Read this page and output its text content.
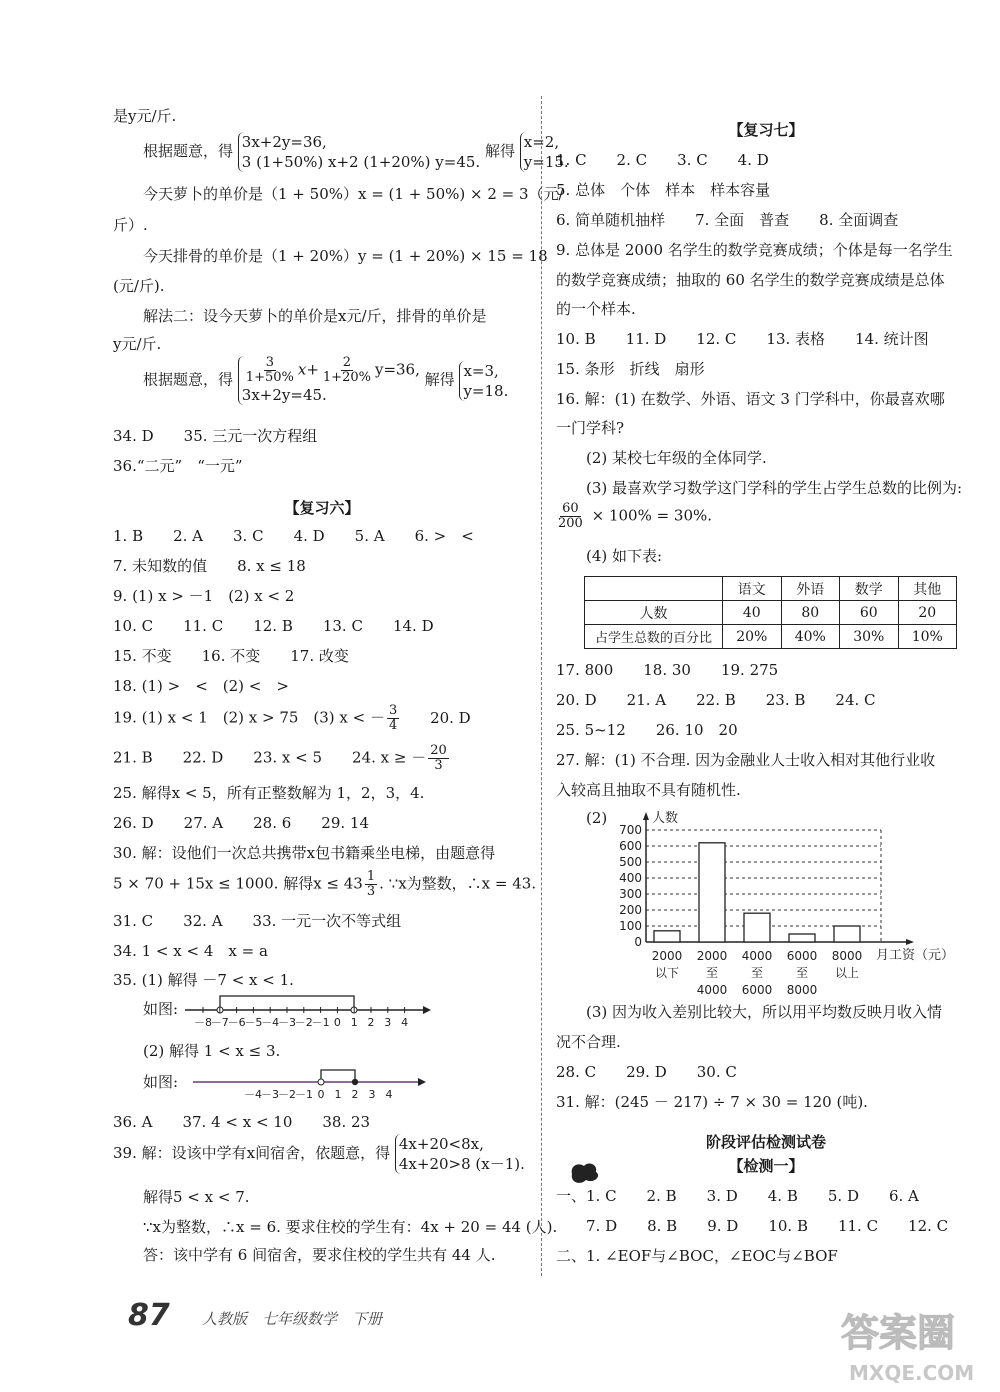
是y元/斤.
根据题意，得 3x+2y=36,
3 (1+50%) x+2 (1+20%) y=45.
解得 x=2,
y=15.
今天萝卜的单价是（1 + 50%）x = (1 + 50%) × 2 = 3（元/
斤）.
今天排骨的单价是（1 + 20%）y = (1 + 20%) × 15 = 18
(元/斤).
解法二：设今天萝卜的单价是x元/斤，排骨的单价是
y元/斤.
根据题意，得 $\frac{3}{1+50\%} x+ \frac{2}{1+20\%} y=36$,
3x+2y=45.
解得 x=3,
y=18.
34. D　　35. 三元一次方程组
36.“二元”　“一元”
【复习六】
1. B　　2. A　　3. C　　4. D　　5. A　　6. >　<
7. 未知数的值　　8. x ≤ 18
9. (1) x > －1　(2) x < 2
10. C　　11. C　　12. B　　13. C　　14. D
15. 不变　　16. 不变　　17. 改变
18. (1) >　<　(2) <　>
19. (1) x < 1　(2) x > 75　(3) x < － $\frac{3}{4} 20$. D
21. B　　22. D　　23. x < 5　　24. x ≥ － $\frac{20}{3}$
25. 解得x < 5，所有正整数解为 1，2，3，4.
26. D　　27. A　　28. 6　　29. 14
30. 解：设他们一次总共携带x包书籍乘坐电梯，由题意得
5 × 70 + 15x ≤ 1000. 解得$x \le 43 \frac{1}{3}$ . ∵x为整数，∴x = 43.
31. C　　32. A　　33. 一元一次不等式组
34. 1 < x < 4　x = a
35. (1) 解得 －7 < x < 1.
如图:
－8
－7
－6
－5
－4
－3
－2
－1 0 1 2 3 4
(2) 解得 1 < x ≤ 3.
如图:
－4 －3 －2 －1 0 1 2 3 4
36. A　　37. 4 < x < 10　　38. 23
39. 解：设该中学有x间宿舍，依题意，得 4x+20<8x,
4x+20>8 (x－1).
解得5 < x < 7.
∵x为整数，∴x = 6. 要求住校的学生有：4x + 20 = 44 (人).
答：该中学有 6 间宿舍，要求住校的学生共有 44 人.
【复习七】
1. C　　2. C　　3. C　　4. D
5. 总体　个体　样本　样本容量
6. 简单随机抽样　　7. 全面　普查　　8. 全面调查
9. 总体是 2000 名学生的数学竞赛成绩；个体是每一名学生
的数学竞赛成绩；抽取的 60 名学生的数学竞赛成绩是总体
的一个样本.
10. B　　11. D　　12. C　　13. 表格　　14. 统计图
15. 条形　折线　扇形
16. 解：(1) 在数学、外语、语文 3 门学科中，你最喜欢哪
一门学科?
(2) 某校七年级的全体同学.
(3) 最喜欢学习数学这门学科的学生占学生总数的比例为:
$\frac{60}{200} \times 100\% = 30\%$.
(4) 如下表:
	语文	外语	数学	其他
人数	40	80	60	20
占学生总数的百分比	20%	40%	30%	10%
17. 800　　18. 30　　19. 275
20. D　　21. A　　22. B　　23. B　　24. C
25. 5~12　　26. 10　20
27. 解：(1) 不合理. 因为金融业人士收入相对其他行业收
入较高且抽取不具有随机性.
(2)	人数
0
100
200
300
400
500
600
700
月工资（元）
2000
以下
2000
至
4000
4000
至
6000
6000
至
8000
8000
以上
(3) 因为收入差别比较大，所以用平均数反映月收入情
况不合理.
28. C　　29. D　　30. C
31. 解：(245 － 217) ÷ 7 × 30 = 120 (吨).
阶段评估检测试卷
【检测一】
一、1. C　　2. B　　3. D　　4. B　　5. D　　6. A
7. D　　8. B　　9. D　　10. B　　11. C　　12. C
二、1. ∠EOF与∠BOC，∠EOC与∠BOF
87 人教版　七年级数学　下册	答案圈
MXQE.COM
